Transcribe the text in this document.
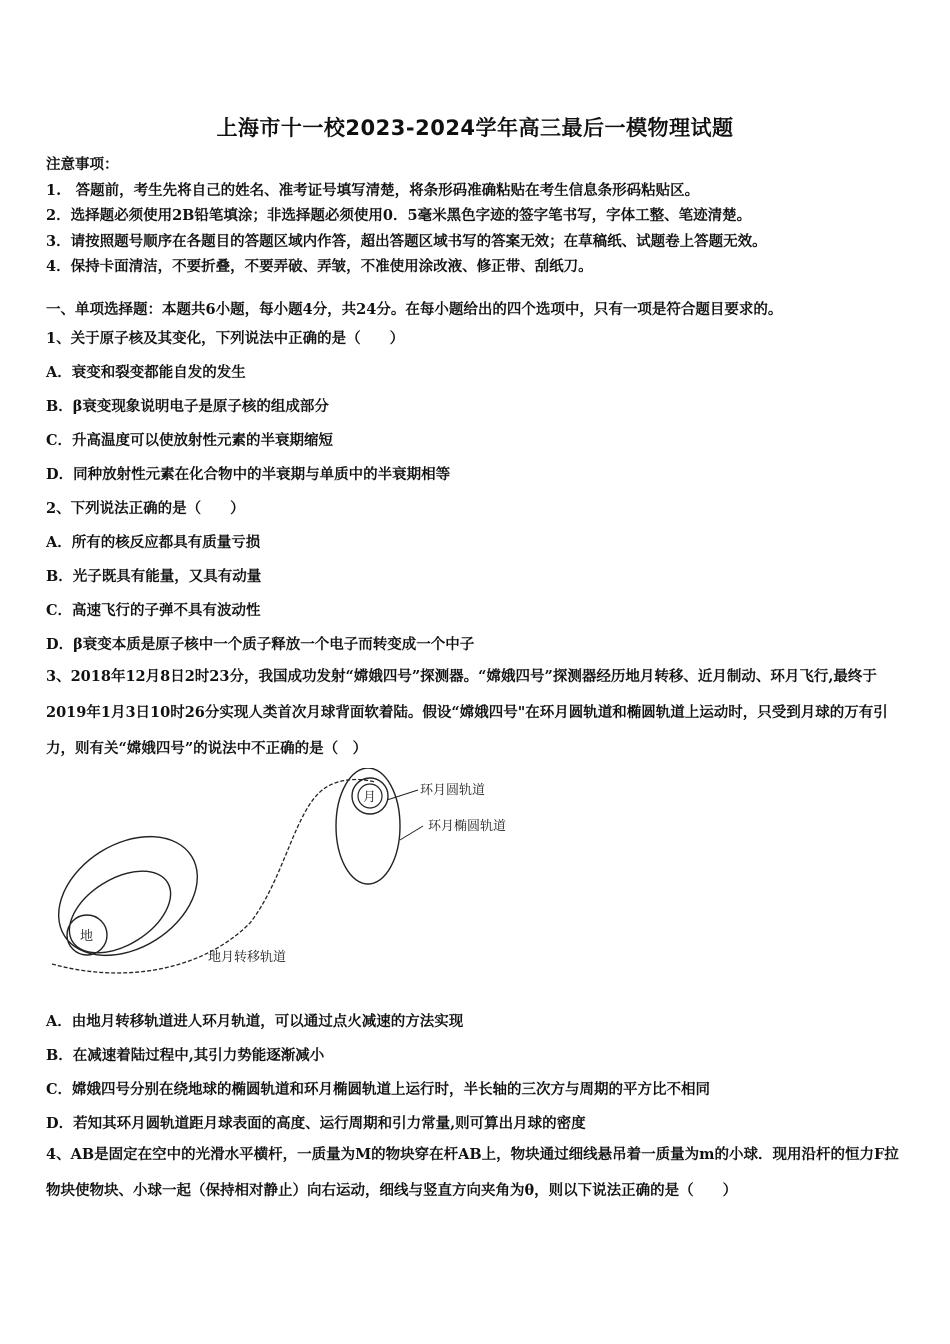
上海市十一校2023-2024学年高三最后一模物理试题
注意事项：
1.　答题前，考生先将自己的姓名、准考证号填写清楚，将条形码准确粘贴在考生信息条形码粘贴区。
2．选择题必须使用2B铅笔填涂；非选择题必须使用0．5毫米黑色字迹的签字笔书写，字体工整、笔迹清楚。
3．请按照题号顺序在各题目的答题区域内作答，超出答题区域书写的答案无效；在草稿纸、试题卷上答题无效。
4．保持卡面清洁，不要折叠，不要弄破、弄皱，不准使用涂改液、修正带、刮纸刀。
一、单项选择题：本题共6小题，每小题4分，共24分。在每小题给出的四个选项中，只有一项是符合题目要求的。
1、关于原子核及其变化，下列说法中正确的是（　　）
A．衰变和裂变都能自发的发生
B．β衰变现象说明电子是原子核的组成部分
C．升高温度可以使放射性元素的半衰期缩短
D．同种放射性元素在化合物中的半衰期与单质中的半衰期相等
2、下列说法正确的是（　　）
A．所有的核反应都具有质量亏损
B．光子既具有能量，又具有动量
C．高速飞行的子弹不具有波动性
D．β衰变本质是原子核中一个质子释放一个电子而转变成一个中子
3、2018年12月8日2时23分，我国成功发射“嫦娥四号”探测器。“嫦娥四号”探测器经历地月转移、近月制动、环月飞行,最终于2019年1月3日10时26分实现人类首次月球背面软着陆。假设“嫦娥四号"在环月圆轨道和椭圆轨道上运动时，只受到月球的万有引力，则有关“嫦娥四号”的说法中不正确的是（　）
地
月	环月圆轨道
环月椭圆轨道
地月转移轨道
A．由地月转移轨道进人环月轨道，可以通过点火减速的方法实现
B．在减速着陆过程中,其引力势能逐渐减小
C．嫦娥四号分别在绕地球的椭圆轨道和环月椭圆轨道上运行时，半长轴的三次方与周期的平方比不相同
D．若知其环月圆轨道距月球表面的高度、运行周期和引力常量,则可算出月球的密度
4、AB是固定在空中的光滑水平横杆，一质量为M的物块穿在杆AB上，物块通过细线悬吊着一质量为m的小球．现用沿杆的恒力F拉物块使物块、小球一起（保持相对静止）向右运动，细线与竖直方向夹角为θ，则以下说法正确的是（　　）
